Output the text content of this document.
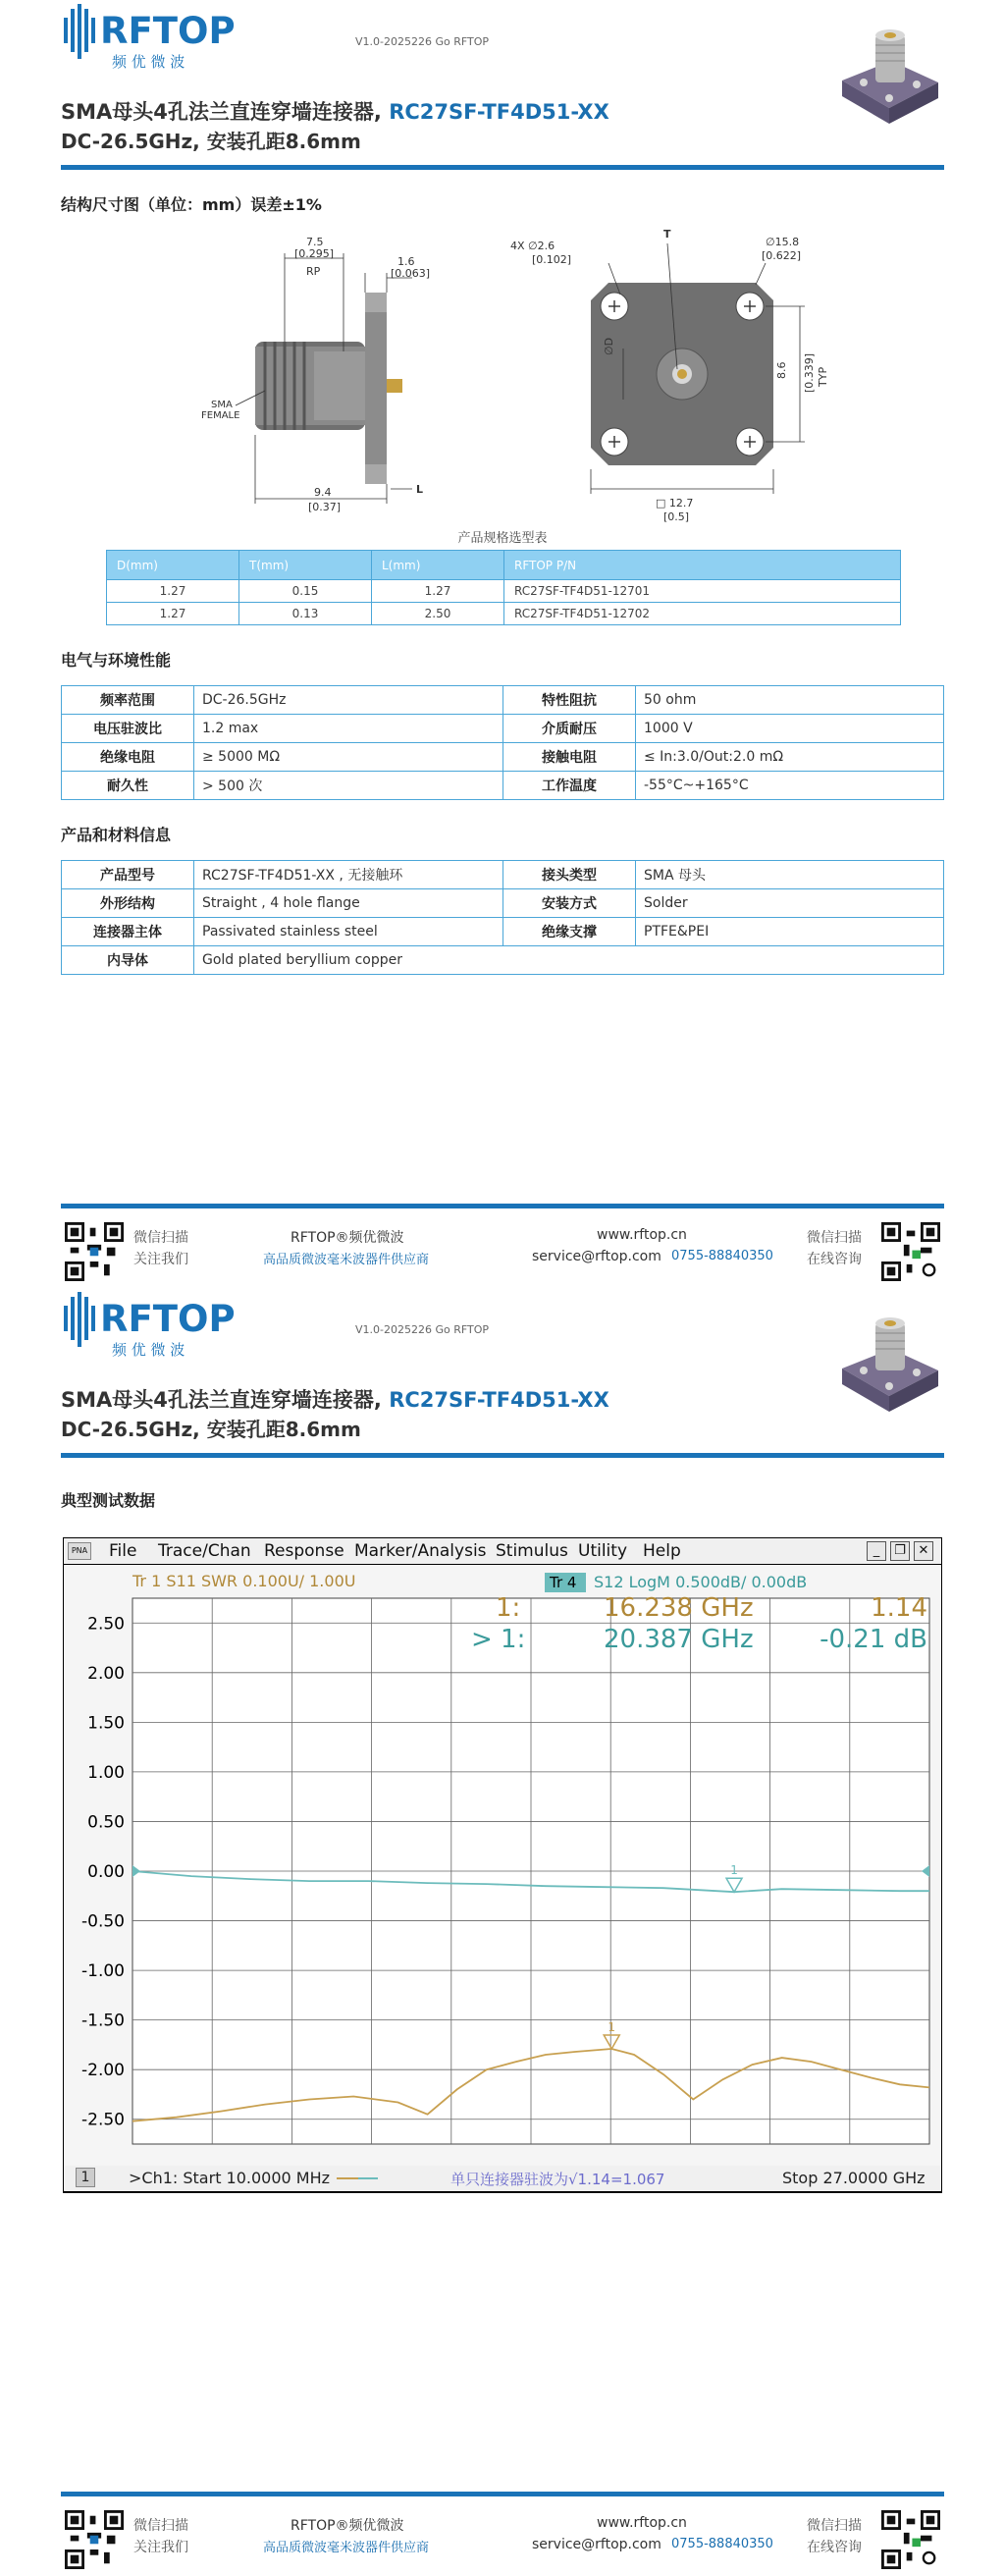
RFTOP
频 优 微 波
V1.0-2025226 Go RFTOP
SMA母头4孔法兰直连穿墙连接器, RC27SF-TF4D51-XX
DC-26.5GHz, 安装孔距8.6mm
结构尺寸图（单位：mm）误差±1%
7.5
[0.295]
RP
1.6
[0.063]
SMA
FEMALE
9.4
[0.37]
L
4X ∅2.6
[0.102]
T
∅D
∅15.8
[0.622]
8.6 [0.339] TYP
□ 12.7
[0.5]
产品规格选型表
D(mm)	T(mm)	L(mm)	RFTOP P/N
1.27	0.15	1.27	RC27SF-TF4D51-12701
1.27	0.13	2.50	RC27SF-TF4D51-12702
电气与环境性能
频率范围	DC-26.5GHz	特性阻抗	50 ohm
电压驻波比	1.2 max	介质耐压	1000 V
绝缘电阻	≥ 5000 MΩ	接触电阻	≤ In:3.0/Out:2.0 mΩ
耐久性	> 500 次	工作温度	-55°C~+165°C
产品和材料信息
产品型号	RC27SF-TF4D51-XX , 无接触环	接头类型	SMA 母头
外形结构	Straight , 4 hole flange	安装方式	Solder
连接器主体	Passivated stainless steel	绝缘支撑	PTFE&PEI
内导体	Gold plated beryllium copper		
微信扫描
关注我们
RFTOP®频优微波
高品质微波毫米波器件供应商
www.rftop.cn
service@rftop.com 0755-88840350
微信扫描
在线咨询
RFTOP
频 优 微 波
V1.0-2025226 Go RFTOP
SMA母头4孔法兰直连穿墙连接器, RC27SF-TF4D51-XX
DC-26.5GHz, 安装孔距8.6mm
典型测试数据
微信扫描
关注我们
RFTOP®频优微波
高品质微波毫米波器件供应商
www.rftop.cn
service@rftop.com 0755-88840350
微信扫描
在线咨询
PNA File Trace/Chan Response Marker/Analysis Stimulus Utility Help	_	❐ ✕
2.50
2.00
1.50
1.00
0.50
0.00
-0.50
-1.00
-1.50
-2.00
-2.50
1
1
Tr 1 S11 SWR 0.100U/ 1.00U	Tr 4 S12 LogM 0.500dB/ 0.00dB
1:	16.238 GHz	1.14
> 1:	20.387 GHz	-0.21 dB
1	>Ch1: Start 10.0000 MHz	单只连接器驻波为√1.14=1.067	Stop 27.0000 GHz
